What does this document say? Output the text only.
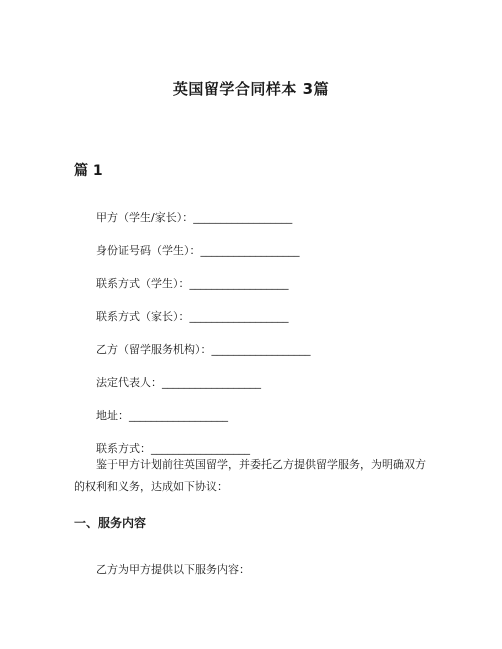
英国留学合同样本 3篇
篇 1

甲方（学生/家长）：__________________

身份证号码（学生）：__________________

联系方式（学生）：__________________

联系方式（家长）：__________________

乙方（留学服务机构）：__________________

法定代表人：__________________

地址：__________________

联系方式：__________________

鉴于甲方计划前往英国留学，并委托乙方提供留学服务，为明确双方的权利和义务，达成如下协议：

一、服务内容

乙方为甲方提供以下服务内容：
